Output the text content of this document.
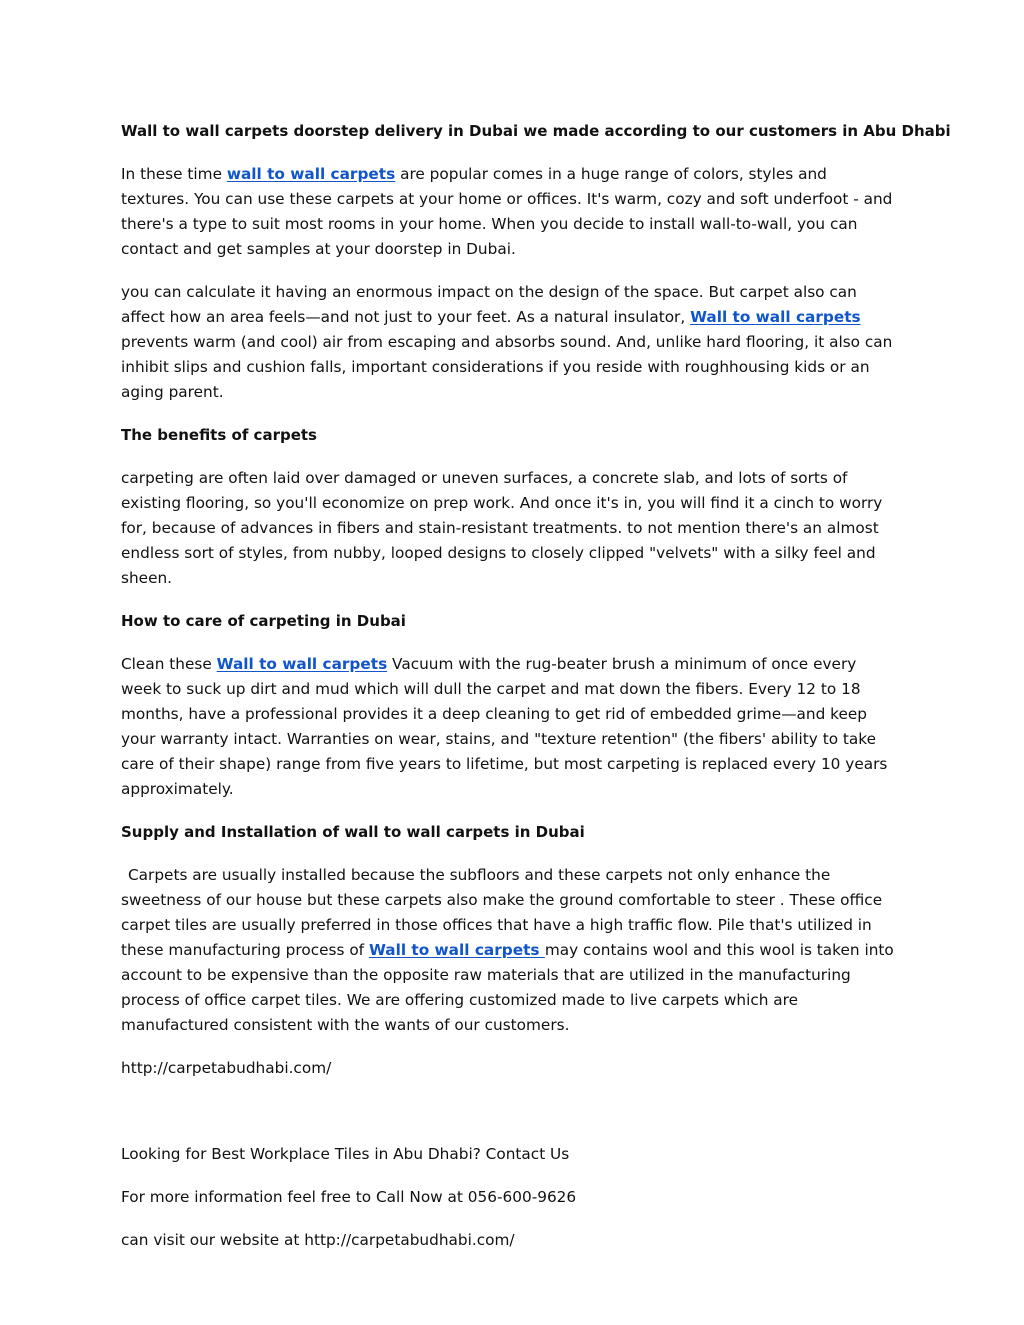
Wall to wall carpets doorstep delivery in Dubai we made according to our customers in Abu Dhabi

In these time wall to wall carpets are popular comes in a huge range of colors, styles and textures. You can use these carpets at your home or offices. It's warm, cozy and soft underfoot - and there's a type to suit most rooms in your home. When you decide to install wall-to-wall, you can contact and get samples at your doorstep in Dubai.

you can calculate it having an enormous impact on the design of the space. But carpet also can affect how an area feels—and not just to your feet. As a natural insulator, Wall to wall carpets prevents warm (and cool) air from escaping and absorbs sound. And, unlike hard flooring, it also can inhibit slips and cushion falls, important considerations if you reside with roughhousing kids or an aging parent.

The benefits of carpets

carpeting are often laid over damaged or uneven surfaces, a concrete slab, and lots of sorts of existing flooring, so you'll economize on prep work. And once it's in, you will find it a cinch to worry for, because of advances in fibers and stain-resistant treatments. to not mention there's an almost endless sort of styles, from nubby, looped designs to closely clipped "velvets" with a silky feel and sheen.

How to care of carpeting in Dubai

Clean these Wall to wall carpets Vacuum with the rug-beater brush a minimum of once every week to suck up dirt and mud which will dull the carpet and mat down the fibers. Every 12 to 18 months, have a professional provides it a deep cleaning to get rid of embedded grime—and keep your warranty intact. Warranties on wear, stains, and "texture retention" (the fibers' ability to take care of their shape) range from five years to lifetime, but most carpeting is replaced every 10 years approximately.

Supply and Installation of wall to wall carpets in Dubai

Carpets are usually installed because the subfloors and these carpets not only enhance the sweetness of our house but these carpets also make the ground comfortable to steer . These office carpet tiles are usually preferred in those offices that have a high traffic flow. Pile that's utilized in these manufacturing process of Wall to wall carpets may contains wool and this wool is taken into account to be expensive than the opposite raw materials that are utilized in the manufacturing process of office carpet tiles. We are offering customized made to live carpets which are manufactured consistent with the wants of our customers.

http://carpetabudhabi.com/

Looking for Best Workplace Tiles in Abu Dhabi? Contact Us

For more information feel free to Call Now at 056-600-9626

can visit our website at http://carpetabudhabi.com/
